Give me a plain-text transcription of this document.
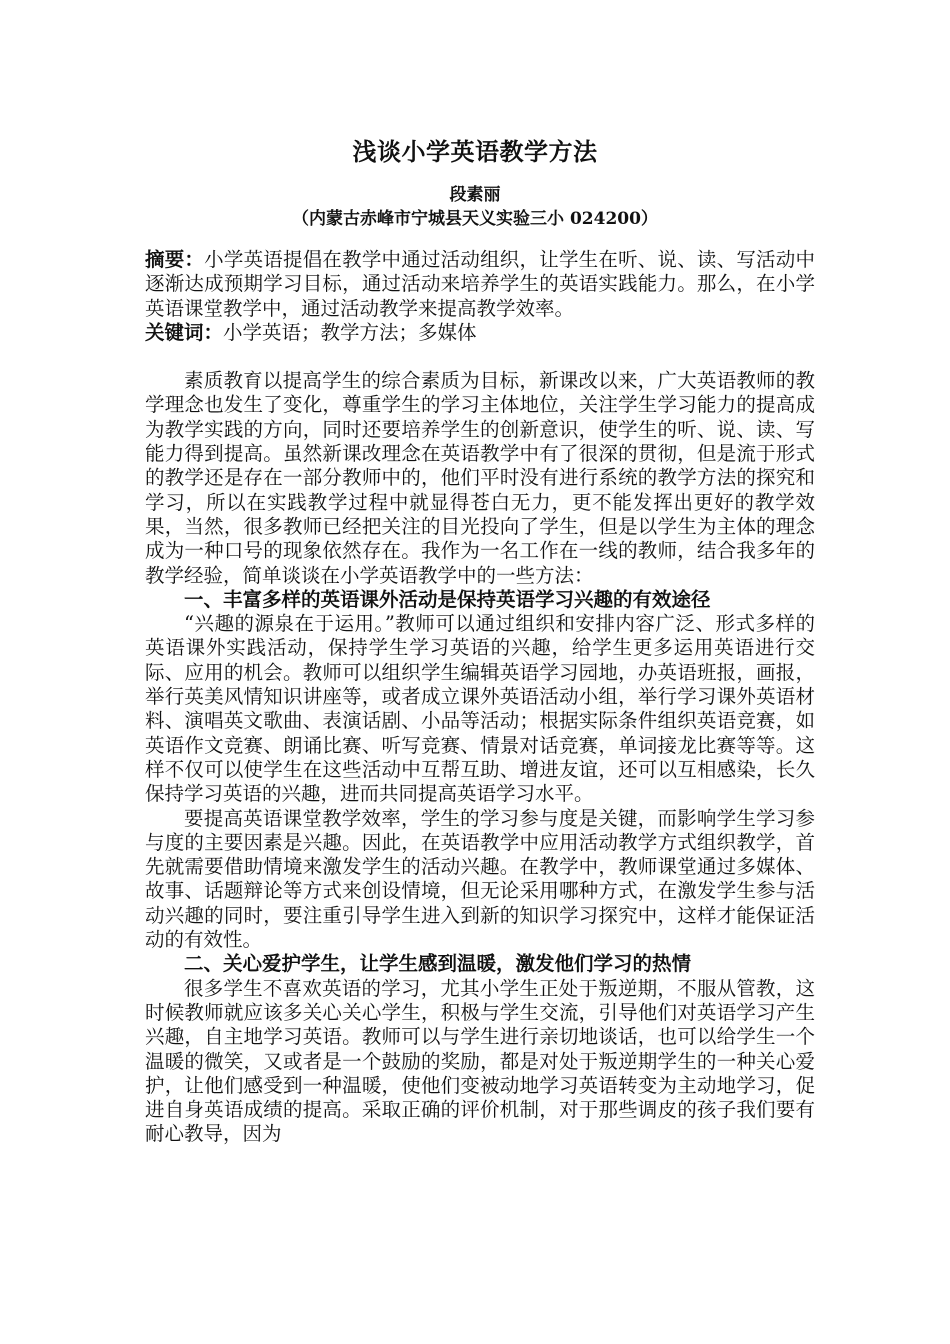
浅谈小学英语教学方法
段素丽
（内蒙古赤峰市宁城县天义实验三小 024200）

摘要：小学英语提倡在教学中通过活动组织，让学生在听、说、读、写活动中逐渐达成预期学习目标，通过活动来培养学生的英语实践能力。那么，在小学英语课堂教学中，通过活动教学来提高教学效率。

关键词：小学英语；教学方法；多媒体

素质教育以提高学生的综合素质为目标，新课改以来，广大英语教师的教学理念也发生了变化，尊重学生的学习主体地位，关注学生学习能力的提高成为教学实践的方向，同时还要培养学生的创新意识，使学生的听、说、读、写能力得到提高。虽然新课改理念在英语教学中有了很深的贯彻，但是流于形式的教学还是存在一部分教师中的，他们平时没有进行系统的教学方法的探究和学习，所以在实践教学过程中就显得苍白无力，更不能发挥出更好的教学效果，当然，很多教师已经把关注的目光投向了学生，但是以学生为主体的理念成为一种口号的现象依然存在。我作为一名工作在一线的教师，结合我多年的教学经验，简单谈谈在小学英语教学中的一些方法：

一、丰富多样的英语课外活动是保持英语学习兴趣的有效途径

“兴趣的源泉在于运用。”教师可以通过组织和安排内容广泛、形式多样的英语课外实践活动，保持学生学习英语的兴趣，给学生更多运用英语进行交际、应用的机会。教师可以组织学生编辑英语学习园地，办英语班报，画报，举行英美风情知识讲座等，或者成立课外英语活动小组，举行学习课外英语材料、演唱英文歌曲、表演话剧、小品等活动；根据实际条件组织英语竞赛，如英语作文竞赛、朗诵比赛、听写竞赛、情景对话竞赛，单词接龙比赛等等。这样不仅可以使学生在这些活动中互帮互助、增进友谊，还可以互相感染，长久保持学习英语的兴趣，进而共同提高英语学习水平。

要提高英语课堂教学效率，学生的学习参与度是关键，而影响学生学习参与度的主要因素是兴趣。因此，在英语教学中应用活动教学方式组织教学，首先就需要借助情境来激发学生的活动兴趣。在教学中，教师课堂通过多媒体、故事、话题辩论等方式来创设情境，但无论采用哪种方式，在激发学生参与活动兴趣的同时，要注重引导学生进入到新的知识学习探究中，这样才能保证活动的有效性。

二、关心爱护学生，让学生感到温暖，激发他们学习的热情

很多学生不喜欢英语的学习，尤其小学生正处于叛逆期，不服从管教，这时候教师就应该多关心关心学生，积极与学生交流，引导他们对英语学习产生兴趣，自主地学习英语。教师可以与学生进行亲切地谈话，也可以给学生一个温暖的微笑，又或者是一个鼓励的奖励，都是对处于叛逆期学生的一种关心爱护，让他们感受到一种温暖，使他们变被动地学习英语转变为主动地学习，促进自身英语成绩的提高。采取正确的评价机制，对于那些调皮的孩子我们要有耐心教导，因为
